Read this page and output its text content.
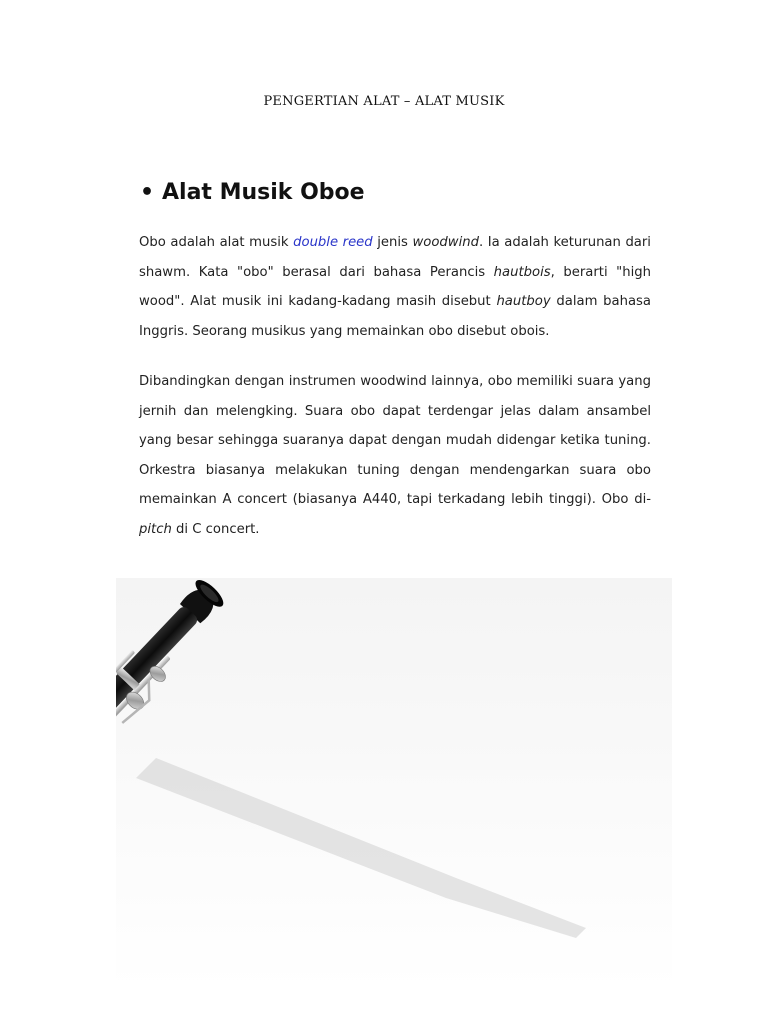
PENGERTIAN ALAT – ALAT MUSIK
• Alat Musik Oboe

Obo adalah alat musik double reed jenis woodwind. Ia adalah keturunan dari shawm. Kata "obo" berasal dari bahasa Perancis hautbois, berarti "high wood". Alat musik ini kadang-kadang masih disebut hautboy dalam bahasa Inggris. Seorang musikus yang memainkan obo disebut obois.

Dibandingkan dengan instrumen woodwind lainnya, obo memiliki suara yang jernih dan melengking. Suara obo dapat terdengar jelas dalam ansambel yang besar sehingga suaranya dapat dengan mudah didengar ketika tuning. Orkestra biasanya melakukan tuning dengan mendengarkan suara obo memainkan A concert (biasanya A440, tapi terkadang lebih tinggi). Obo di-pitch di C concert.
